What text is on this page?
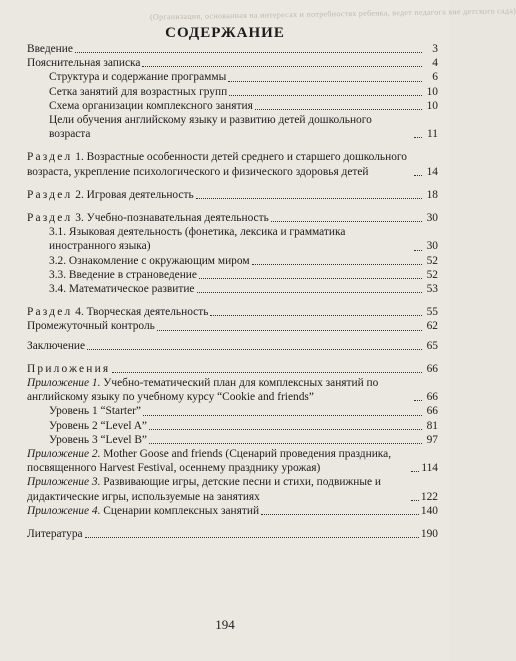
(Организация, основанная на интересах и потребностях ребенка, ведет педагога вне детского сада)
СОДЕРЖАНИЕ
Введение	3
Пояснительная записка	4
Структура и содержание программы	6
Сетка занятий для возрастных групп	10
Схема организации комплексного занятия	10
Цели обучения английскому языку и развитию детей дошкольного возраста	11
Раздел 1. Возрастные особенности детей среднего и старшего дошкольного возраста, укрепление психологического и физического здоровья детей	14
Раздел 2. Игровая деятельность	18
Раздел 3. Учебно-познавательная деятельность	30
3.1. Языковая деятельность (фонетика, лексика и грамматика иностранного языка)	30
3.2. Ознакомление с окружающим миром	52
3.3. Введение в страноведение	52
3.4. Математическое развитие	53
Раздел 4. Творческая деятельность	55
Промежуточный контроль	62
Заключение	65
Приложения	66
Приложение 1. Учебно-тематический план для комплексных занятий по английскому языку по учебному курсу “Cookie and friends”	66
Уровень 1 “Starter”	66
Уровень 2 “Level A”	81
Уровень 3 “Level B”	97
Приложение 2. Mother Goose and friends (Сценарий проведения праздника, посвященного Harvest Festival, осеннему празднику урожая)	114
Приложение 3. Развивающие игры, детские песни и стихи, подвижные и дидактические игры, используемые на занятиях	122
Приложение 4. Сценарии комплексных занятий	140
Литература	190
194
